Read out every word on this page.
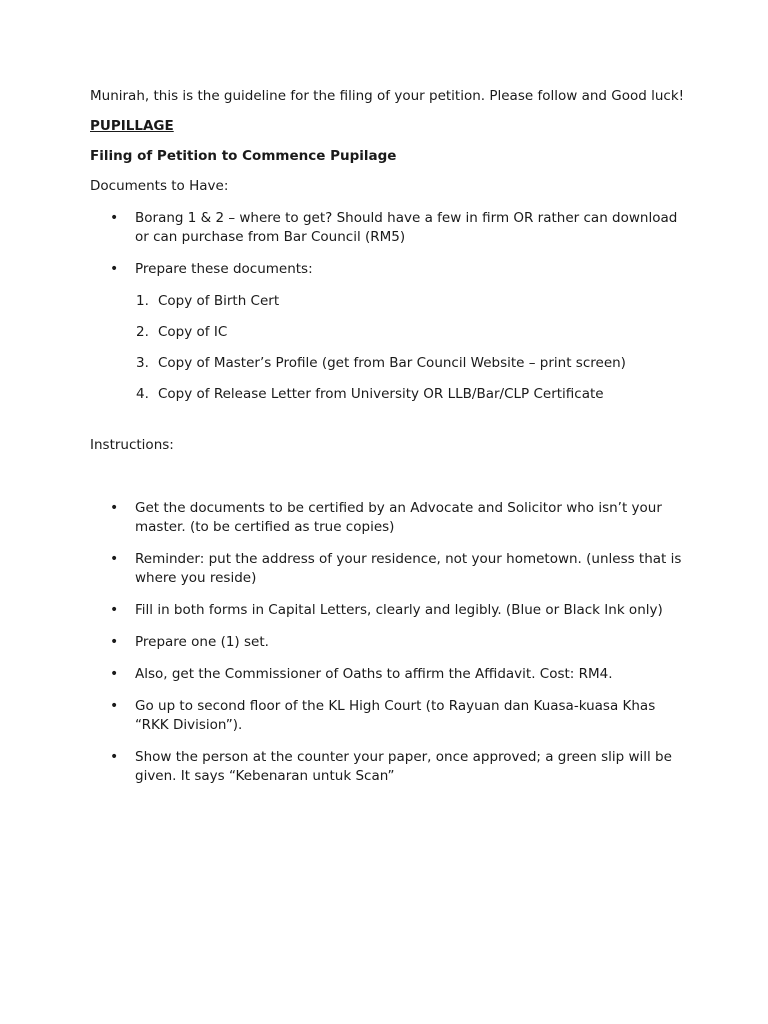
Munirah, this is the guideline for the filing of your petition. Please follow and Good luck!

PUPILLAGE

Filing of Petition to Commence Pupilage

Documents to Have:

• Borang 1 & 2 – where to get? Should have a few in firm OR rather can download or can purchase from Bar Council (RM5)
• Prepare these documents:
1. Copy of Birth Cert
2. Copy of IC
3. Copy of Master’s Profile (get from Bar Council Website – print screen)
4. Copy of Release Letter from University OR LLB/Bar/CLP Certificate

Instructions:

• Get the documents to be certified by an Advocate and Solicitor who isn’t your master. (to be certified as true copies)
• Reminder: put the address of your residence, not your hometown. (unless that is where you reside)
• Fill in both forms in Capital Letters, clearly and legibly. (Blue or Black Ink only)
• Prepare one (1) set.
• Also, get the Commissioner of Oaths to affirm the Affidavit. Cost: RM4.
• Go up to second floor of the KL High Court (to Rayuan dan Kuasa-kuasa Khas “RKK Division”).
• Show the person at the counter your paper, once approved; a green slip will be given. It says “Kebenaran untuk Scan”
